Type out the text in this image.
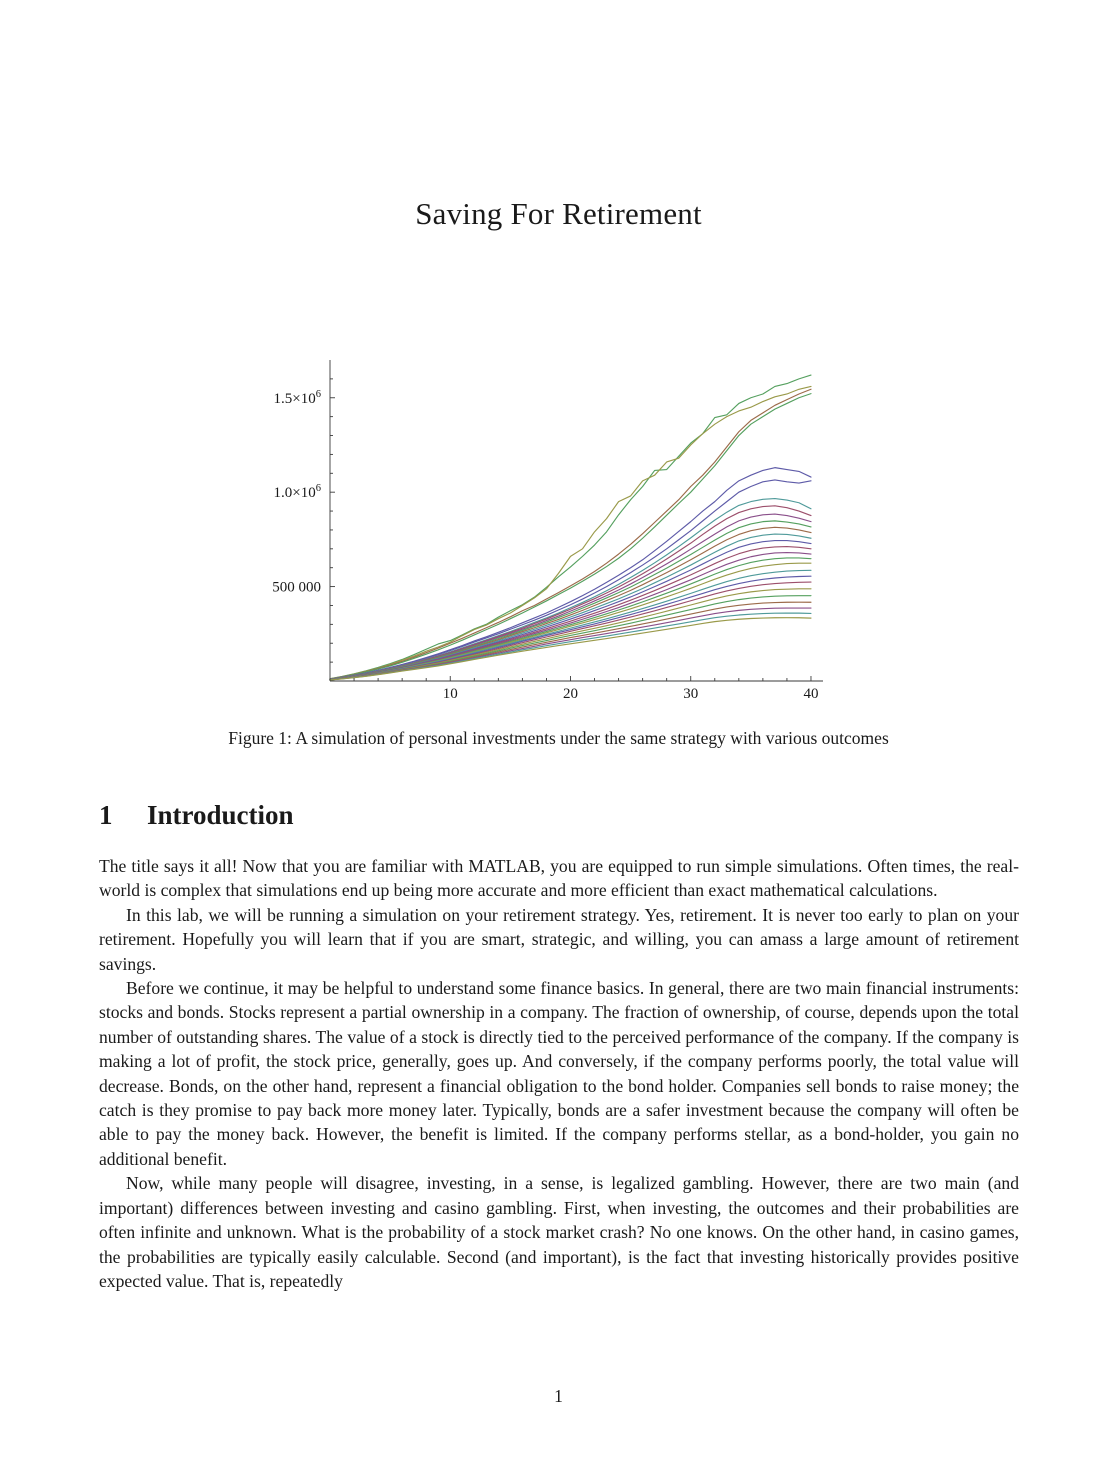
Saving For Retirement
10	20	30	40
500 000
$1.0\times 10^6$
$1.5\times 10^6$
Figure 1: A simulation of personal investments under the same strategy with various outcomes
1 Introduction

The title says it all! Now that you are familiar with MATLAB, you are equipped to run simple simulations. Often times, the real-world is complex that simulations end up being more accurate and more efficient than exact mathematical calculations.

In this lab, we will be running a simulation on your retirement strategy. Yes, retirement. It is never too early to plan on your retirement. Hopefully you will learn that if you are smart, strategic, and willing, you can amass a large amount of retirement savings.

Before we continue, it may be helpful to understand some finance basics. In general, there are two main financial instruments: stocks and bonds. Stocks represent a partial ownership in a company. The fraction of ownership, of course, depends upon the total number of outstanding shares. The value of a stock is directly tied to the perceived performance of the company. If the company is making a lot of profit, the stock price, generally, goes up. And conversely, if the company performs poorly, the total value will decrease. Bonds, on the other hand, represent a financial obligation to the bond holder. Companies sell bonds to raise money; the catch is they promise to pay back more money later. Typically, bonds are a safer investment because the company will often be able to pay the money back. However, the benefit is limited. If the company performs stellar, as a bond-holder, you gain no additional benefit.

Now, while many people will disagree, investing, in a sense, is legalized gambling. However, there are two main (and important) differences between investing and casino gambling. First, when investing, the outcomes and their probabilities are often infinite and unknown. What is the probability of a stock market crash? No one knows. On the other hand, in casino games, the probabilities are typically easily calculable. Second (and important), is the fact that investing historically provides positive expected value. That is, repeatedly

1
